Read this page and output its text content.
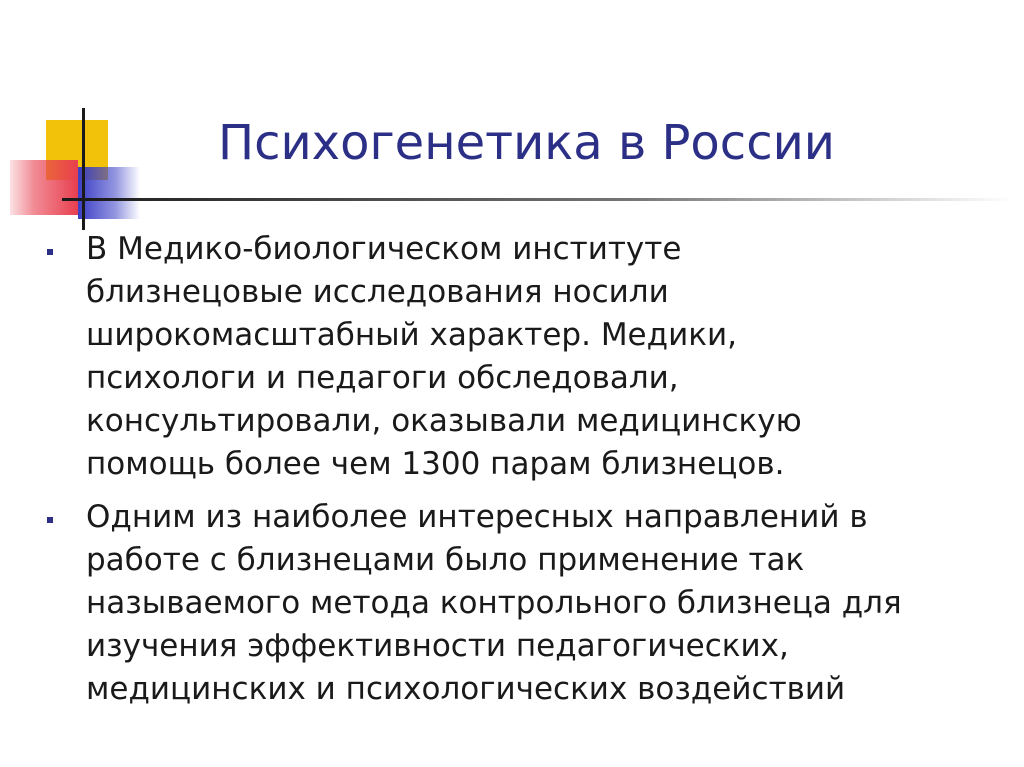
Психогенетика в России
В Медико-биологическом институте
близнецовые исследования носили
широкомасштабный характер. Медики,
психологи и педагоги обследовали,
консультировали, оказывали медицинскую
помощь более чем 1300 парам близнецов.
Одним из наиболее интересных направлений в
работе с близнецами было применение так
называемого метода контрольного близнеца для
изучения эффективности педагогических,
медицинских и психологических воздействий
